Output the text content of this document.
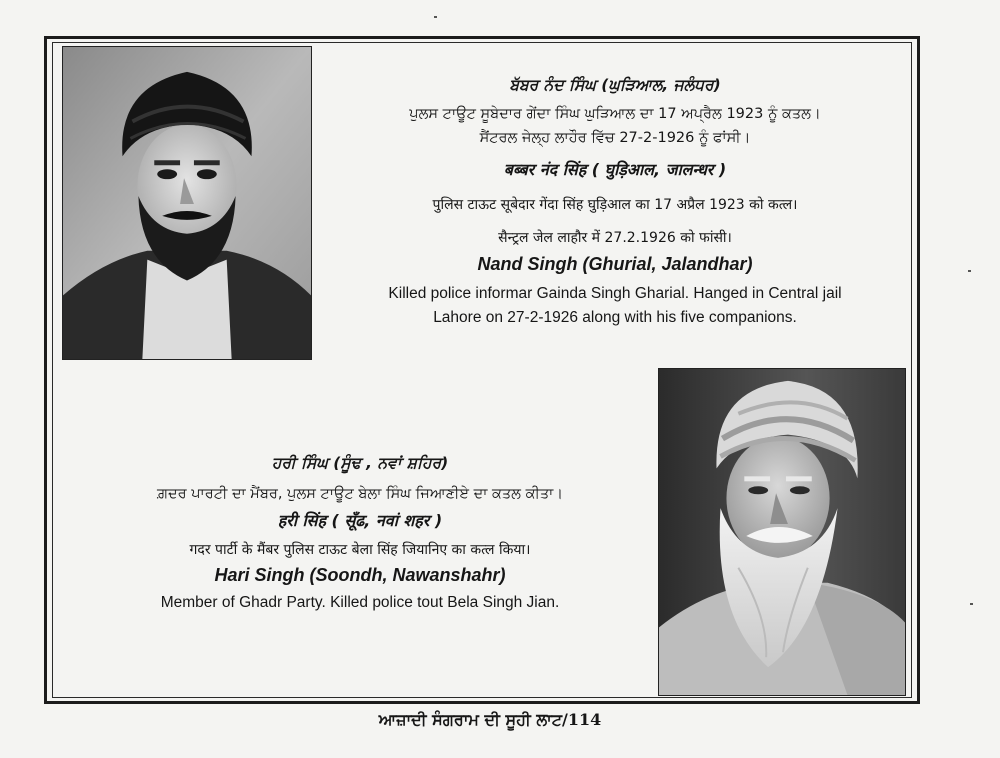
ਬੱਬਰ ਨੰਦ ਸਿੰਘ (ਘੁੜਿਆਲ, ਜਲੰਧਰ)
ਪੁਲਸ ਟਾਊਟ ਸੂਬੇਦਾਰ ਗੇਂਦਾ ਸਿੰਘ ਘੁੜਿਆਲ ਦਾ 17 ਅਪ੍ਰੈਲ 1923 ਨੂੰ ਕਤਲ।
ਸੈਂਟਰਲ ਜੇਲ੍ਹ ਲਾਹੌਰ ਵਿੱਚ 27-2-1926 ਨੂੰ ਫਾਂਸੀ।
बब्बर नंद सिंह ( घुड़िआल, जालन्धर )
पुलिस टाऊट सूबेदार गेंदा सिंह घुड़िआल का 17 अप्रैल 1923 को कत्ल।
सैन्ट्रल जेल लाहौर में 27.2.1926 को फांसी।
Nand Singh (Ghurial, Jalandhar)
Killed police informar Gainda Singh Gharial. Hanged in Central jail
Lahore on 27-2-1926 along with his five companions.
ਹਰੀ ਸਿੰਘ (ਸੂੰਢ , ਨਵਾਂ ਸ਼ਹਿਰ)
ਗ਼ਦਰ ਪਾਰਟੀ ਦਾ ਮੈਂਬਰ, ਪੁਲਸ ਟਾਊਟ ਬੇਲਾ ਸਿੰਘ ਜਿਆਣੀਏ ਦਾ ਕਤਲ ਕੀਤਾ।
हरी सिंह ( सूँढ, नवां शहर )
गदर पार्टी के मैंबर पुलिस टाऊट बेला सिंह जियानिए का कत्ल किया।
Hari Singh (Soondh, Nawanshahr)
Member of Ghadr Party. Killed police tout Bela Singh Jian.
ਆਜ਼ਾਦੀ ਸੰਗਰਾਮ ਦੀ ਸੂਹੀ ਲਾਟ/114
